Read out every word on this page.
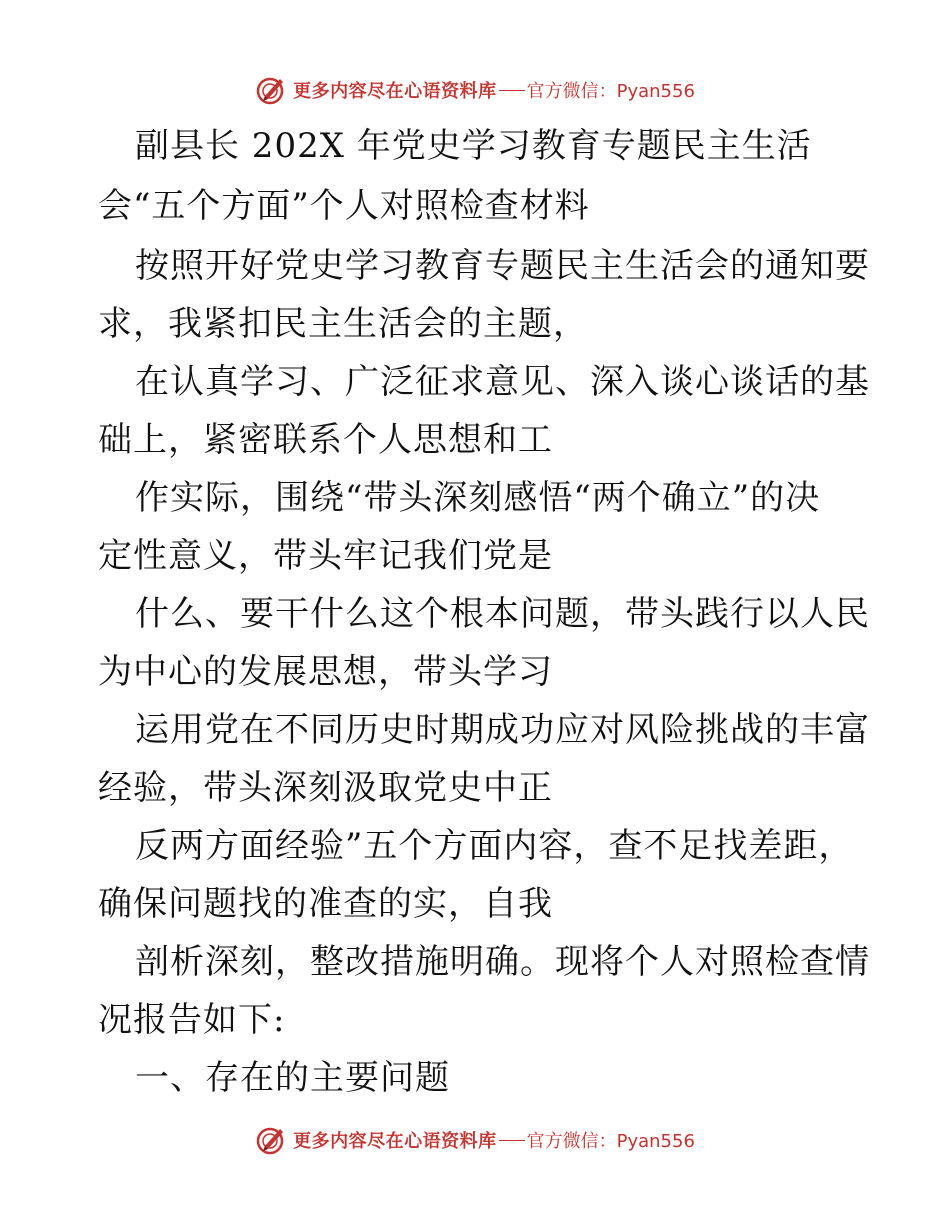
更多内容尽在心语资料库 官方微信：Pyan556
副县长 202X 年党史学习教育专题民主生活
会“五个方面”个人对照检查材料
按照开好党史学习教育专题民主生活会的通知要
求，我紧扣民主生活会的主题，
在认真学习、广泛征求意见、深入谈心谈话的基
础上，紧密联系个人思想和工
作实际，围绕“带头深刻感悟“两个确立”的决
定性意义，带头牢记我们党是
什么、要干什么这个根本问题，带头践行以人民
为中心的发展思想，带头学习
运用党在不同历史时期成功应对风险挑战的丰富
经验，带头深刻汲取党史中正
反两方面经验”五个方面内容，查不足找差距，
确保问题找的准查的实，自我
剖析深刻，整改措施明确。现将个人对照检查情
况报告如下:
一、存在的主要问题
更多内容尽在心语资料库 官方微信：Pyan556
